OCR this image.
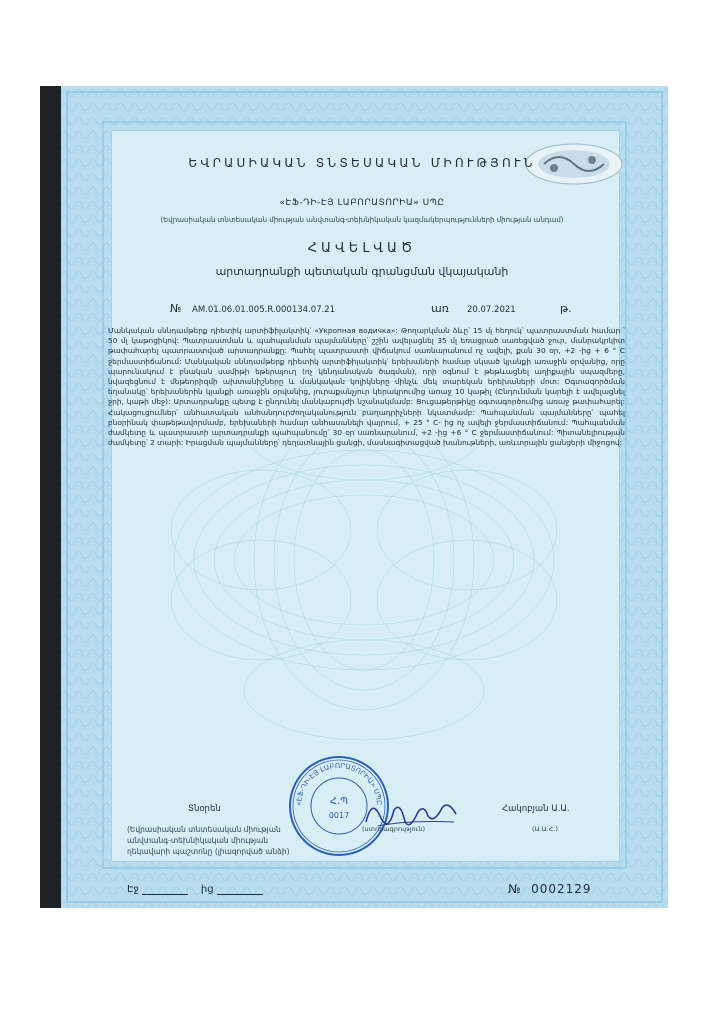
ԵՎՐԱՍԻԱԿԱՆ ՏՆՏԵՍԱԿԱՆ ՄԻՈՒԹՅՈՒՆ
«ԷՖ-ԴԻ-ԷՅ ԼԱԲՈՐԱՏՈՐԻԱ» ՍՊԸ
(Եվրասիական տնտեսական միության անվտանգ-տեխնիկական կազմակերպությունների միության անդամ)
ՀԱՎԵԼՎԱԾ
արտադրանքի պետական գրանցման վկայականի
№ AM.01.06.01.005.R.000134.07.21	առ 20.07.2021	թ.
Մանկական սննդամթերք դիետիկ արտիֆիլակտիկ՝ «Укропная водичка»: Թողարկման ձևը՝ 15 մլ հեղուկ՝ պատրաստման համար ՝ 50 մլ կաթոցիկով: Պատրաստման և պահպանման պայմանները՝ շշին ավելացնել 35 մլ եռացրած սառեցված ջուր, մանրակրկիտ թափահարել պատրաստված արտադրանքը: Պահել պատրաստի վիճակում սառնարանում ոչ ավելի, քան 30 օր, +2 -ից + 6 ° C ջերմաստիճանում: Մանկական սննդամթերք դիետիկ արտիֆիլակտիկ՝ երեխաների համար սկսած կյանքի առաջին օրվանից, որը պարունակում է բնական սամիթի եթերայուղ (ոչ կենդանական ծագման), որի օգնում է թեթևացնել աղիքային սպազմերը, նվազեցնում է մեթեորիզմի ախտանիշները և մանկական կոլիկները մինչև մեկ տարեկան երեխաների մոտ: Օգտագործման եղանակը՝ երեխաներին կյանքի առաջին օրվանից, յուրաքանչյուր կերակրումից առաջ 10 կաթիլ (Ընդունման կարելի է ավելացնել ջրի, կաթի մեջ): Արտադրանքը պետք է ընդունել մանկաբույժի նշանակմամբ: Ցուցաթերթիկը օգտագործումից առաջ թափահարել: Հակացուցումներ՝ անհատական անհանդուրժողականություն բաղադրիչների նկատմամբ: Պահպանման պայմանները՝ պահել բնօրինակ փաթեթավորմամբ, երեխաների համար անհասանելի վայրում, + 25 ° C- ից ոչ ավելի ջերմաստիճանում: Պահպանման ժամկետը և պատրաստի արտադրանքի պահպանումը՝ 30 օր սառնարանում, +2 -ից +6 ° C ջերմաստիճանում: Պիտանելիության ժամկետը՝ 2 տարի: Իրացման պայմանները՝ դեղատնային ցանցի, մասնագիտացված խանութների, առևտրային ցանցերի միջոցով:
Տնօրեն
(Եվրասիական տնտեսական միության
անվտանգ-տեխնիկական միության
ղեկավարի պաշտոնը (լիազորված անձի)
«ԷՖ-ԴԻ-ԷՅ ԼԱԲՈՐԱՏՈՐԻԱ» ՍՊԸ
Հ.Պ
0017
(ստորագրություն)
Հակոբյան Ա.Ա.
(Ա.Ա.Հ.)
Էջ	ից	№ 0002129
